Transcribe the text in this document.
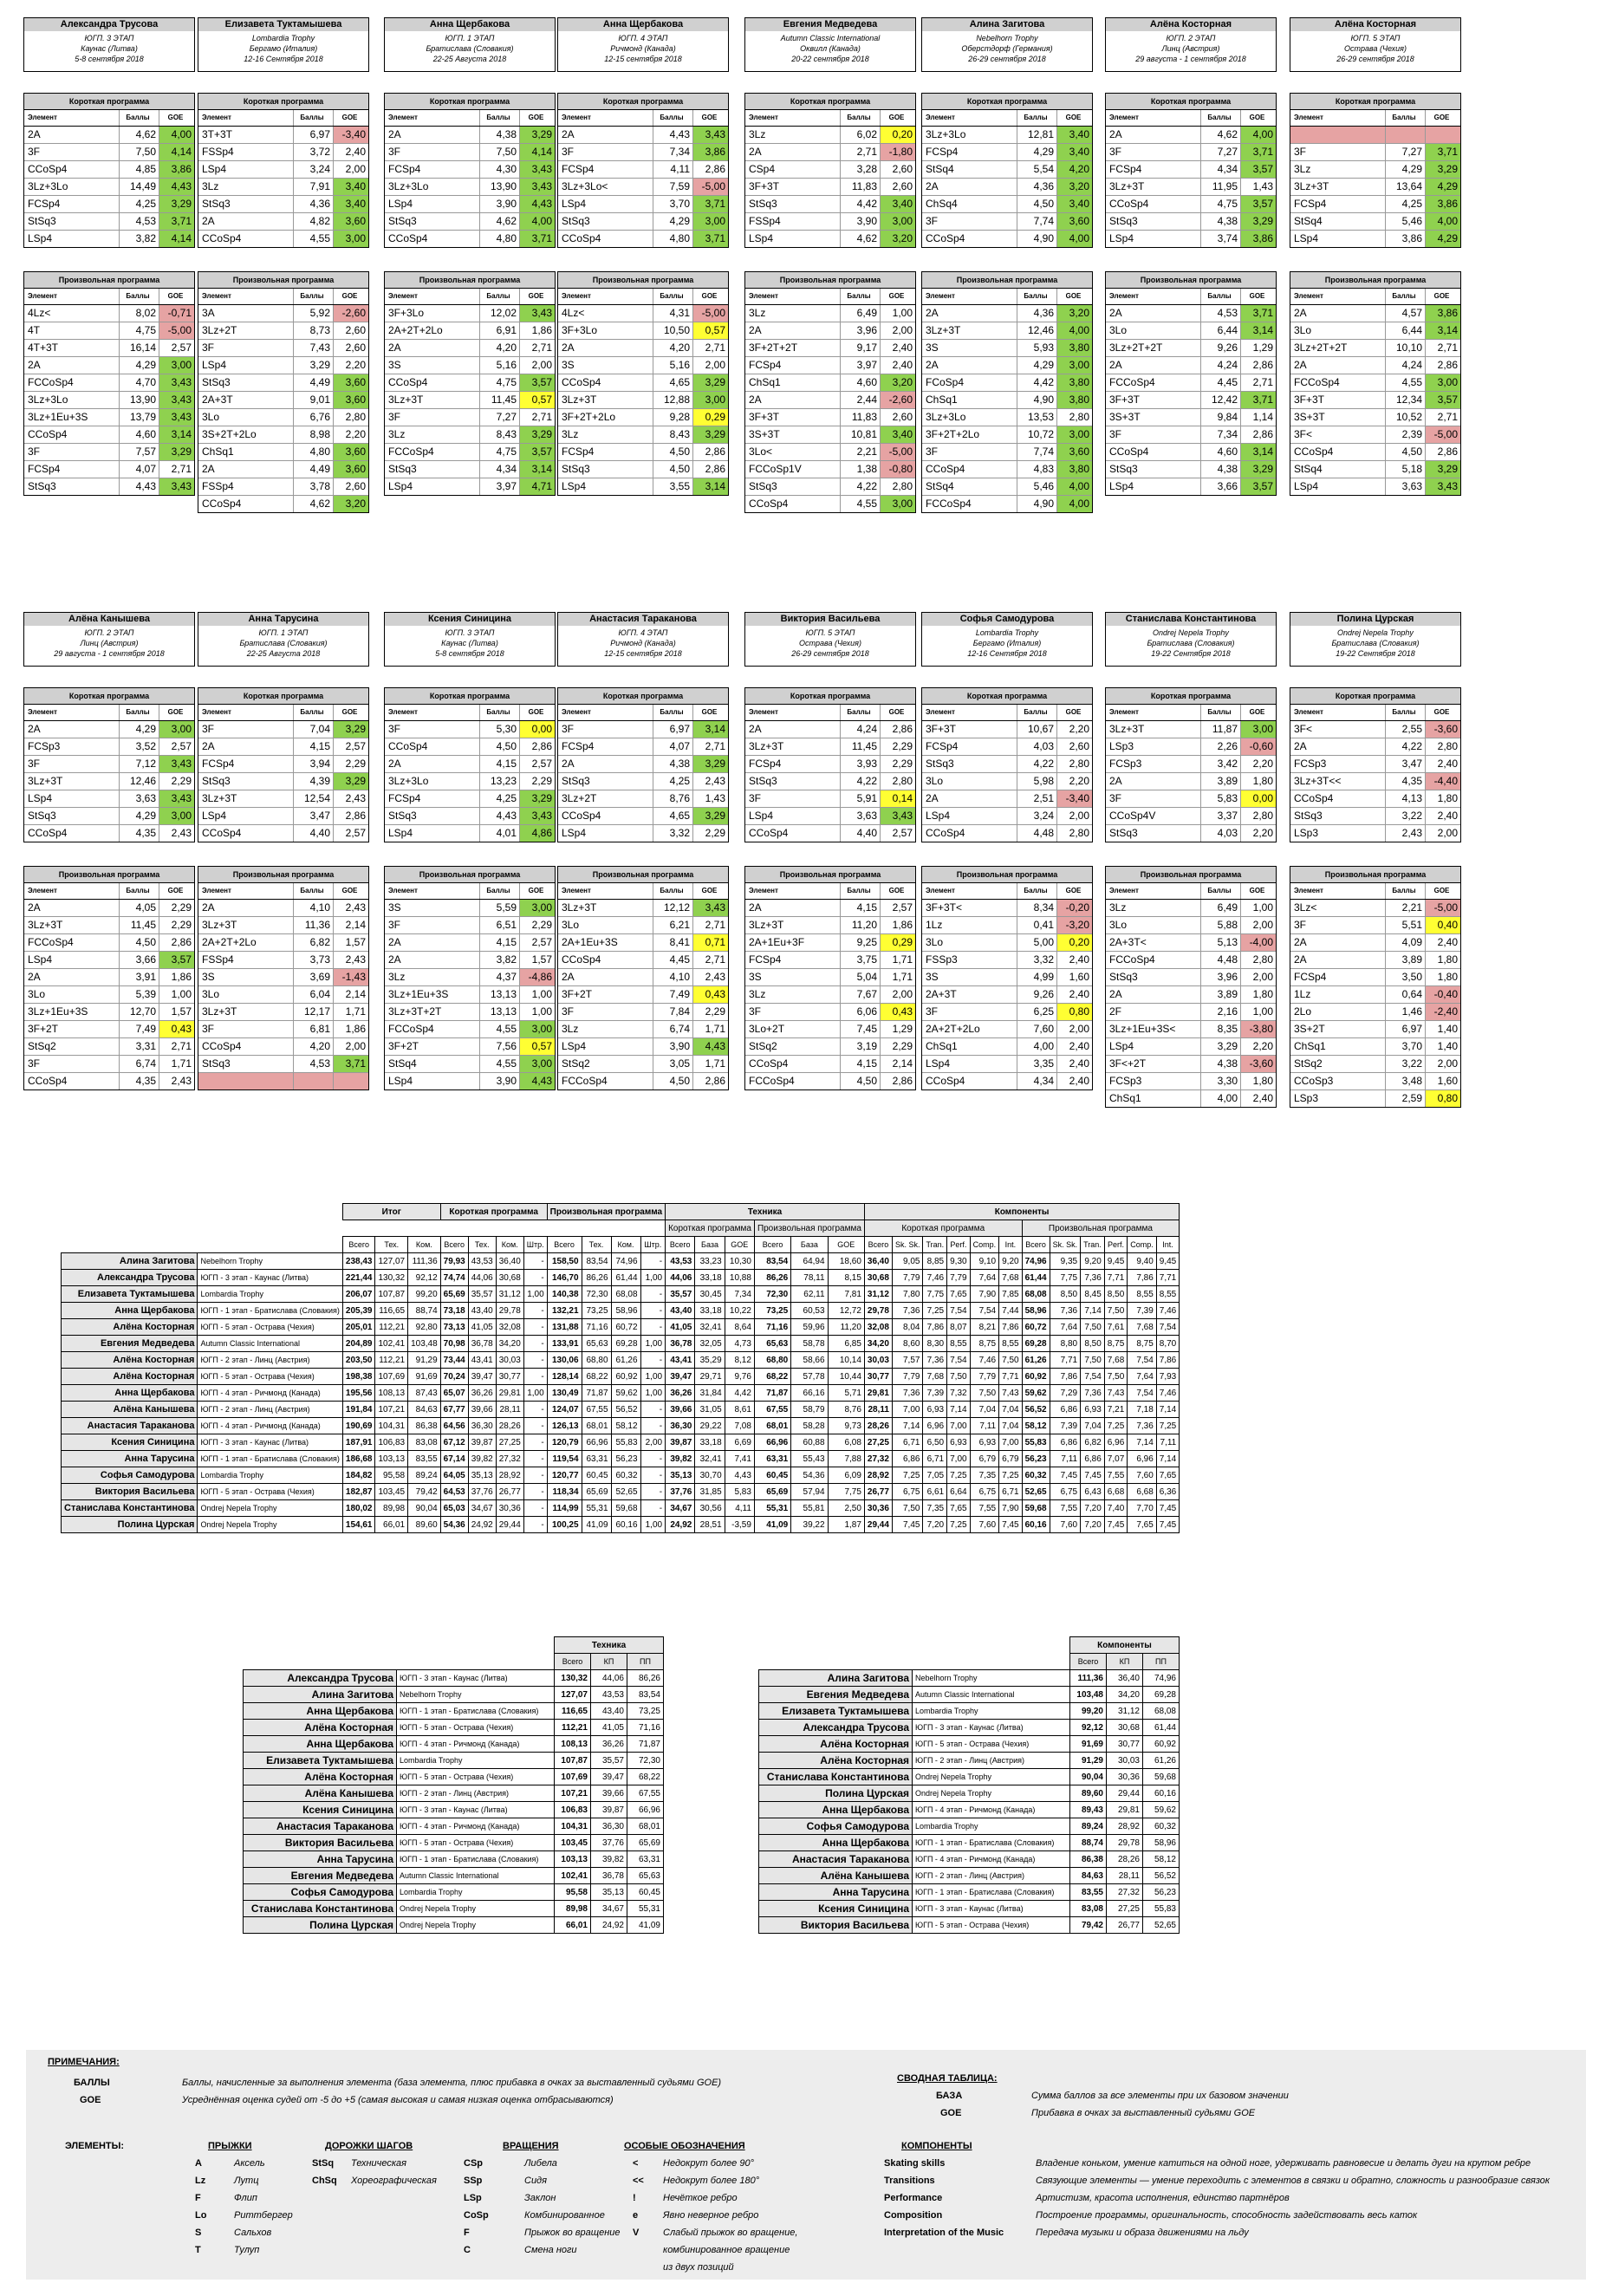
Александра Трусова
ЮГП. 3 ЭТАП
Каунас (Литва)
5-8 сентября 2018
Короткая программа
Элемент	Баллы	GOE
2A	4,62	4,00
3F	7,50	4,14
CCoSp4	4,85	3,86
3Lz+3Lo	14,49	4,43
FCSp4	4,25	3,29
StSq3	4,53	3,71
LSp4	3,82	4,14
Произвольная программа
Элемент	Баллы	GOE
4Lz<	8,02	-0,71
4T	4,75	-5,00
4T+3T	16,14	2,57
2A	4,29	3,00
FCCoSp4	4,70	3,43
3Lz+3Lo	13,90	3,43
3Lz+1Eu+3S	13,79	3,43
CCoSp4	4,60	3,14
3F	7,57	3,29
FCSp4	4,07	2,71
StSq3	4,43	3,43
Елизавета Туктамышева
Lombardia Trophy
Бергамо (Италия)
12-16 Сентября 2018
Короткая программа
Элемент	Баллы	GOE
3T+3T	6,97	-3,40
FSSp4	3,72	2,40
LSp4	3,24	2,00
3Lz	7,91	3,40
StSq3	4,36	3,40
2A	4,82	3,60
CCoSp4	4,55	3,00
Произвольная программа
Элемент	Баллы	GOE
3A	5,92	-2,60
3Lz+2T	8,73	2,60
3F	7,43	2,60
LSp4	3,29	2,20
StSq3	4,49	3,60
2A+3T	9,01	3,60
3Lo	6,76	2,80
3S+2T+2Lo	8,98	2,20
ChSq1	4,80	3,60
2A	4,49	3,60
FSSp4	3,78	2,60
CCoSp4	4,62	3,20
Анна Щербакова
ЮГП. 1 ЭТАП
Братислава (Словакия)
22-25 Августа 2018
Короткая программа
Элемент	Баллы	GOE
2A	4,38	3,29
3F	7,50	4,14
FCSp4	4,30	3,43
3Lz+3Lo	13,90	3,43
LSp4	3,90	4,43
StSq3	4,62	4,00
CCoSp4	4,80	3,71
Произвольная программа
Элемент	Баллы	GOE
3F+3Lo	12,02	3,43
2A+2T+2Lo	6,91	1,86
2A	4,20	2,71
3S	5,16	2,00
CCoSp4	4,75	3,57
3Lz+3T	11,45	0,57
3F	7,27	2,71
3Lz	8,43	3,29
FCCoSp4	4,75	3,57
StSq3	4,34	3,14
LSp4	3,97	4,71
Анна Щербакова
ЮГП. 4 ЭТАП
Ричмонд (Канада)
12-15 сентября 2018
Короткая программа
Элемент	Баллы	GOE
2A	4,43	3,43
3F	7,34	3,86
FCSp4	4,11	2,86
3Lz+3Lo<	7,59	-5,00
LSp4	3,70	3,71
StSq3	4,29	3,00
CCoSp4	4,80	3,71
Произвольная программа
Элемент	Баллы	GOE
4Lz<	4,31	-5,00
3F+3Lo	10,50	0,57
2A	4,20	2,71
3S	5,16	2,00
CCoSp4	4,65	3,29
3Lz+3T	12,88	3,00
3F+2T+2Lo	9,28	0,29
3Lz	8,43	3,29
FCSp4	4,50	2,86
StSq3	4,50	2,86
LSp4	3,55	3,14
Евгения Медведева
Autumn Classic International
Оквилл (Канада)
20-22 сентября 2018
Короткая программа
Элемент	Баллы	GOE
3Lz	6,02	0,20
2A	2,71	-1,80
CSp4	3,28	2,60
3F+3T	11,83	2,60
StSq3	4,42	3,40
FSSp4	3,90	3,00
LSp4	4,62	3,20
Произвольная программа
Элемент	Баллы	GOE
3Lz	6,49	1,00
2A	3,96	2,00
3F+2T+2T	9,17	2,40
FCSp4	3,97	2,40
ChSq1	4,60	3,20
2A	2,44	-2,60
3F+3T	11,83	2,60
3S+3T	10,81	3,40
3Lo<	2,21	-5,00
FCCoSp1V	1,38	-0,80
StSq3	4,22	2,80
CCoSp4	4,55	3,00
Алина Загитова
Nebelhorn Trophy
Оберстдорф (Германия)
26-29 сентября 2018
Короткая программа
Элемент	Баллы	GOE
3Lz+3Lo	12,81	3,40
FCSp4	4,29	3,40
StSq4	5,54	4,20
2A	4,36	3,20
ChSq4	4,50	3,40
3F	7,74	3,60
CCoSp4	4,90	4,00
Произвольная программа
Элемент	Баллы	GOE
2A	4,36	3,20
3Lz+3T	12,46	4,00
3S	5,93	3,80
2A	4,29	3,00
FCoSp4	4,42	3,80
ChSq1	4,90	3,80
3Lz+3Lo	13,53	2,80
3F+2T+2Lo	10,72	3,00
3F	7,74	3,60
CCoSp4	4,83	3,80
StSq4	5,46	4,00
FCCoSp4	4,90	4,00
Алёна Косторная
ЮГП. 2 ЭТАП
Линц (Австрия)
29 августа - 1 сентября 2018
Короткая программа
Элемент	Баллы	GOE
2A	4,62	4,00
3F	7,27	3,71
FCSp4	4,34	3,57
3Lz+3T	11,95	1,43
CCoSp4	4,75	3,57
StSq3	4,38	3,29
LSp4	3,74	3,86
Произвольная программа
Элемент	Баллы	GOE
2A	4,53	3,71
3Lo	6,44	3,14
3Lz+2T+2T	9,26	1,29
2A	4,24	2,86
FCCoSp4	4,45	2,71
3F+3T	12,42	3,71
3S+3T	9,84	1,14
3F	7,34	2,86
CCoSp4	4,60	3,14
StSq3	4,38	3,29
LSp4	3,66	3,57
Алёна Косторная
ЮГП. 5 ЭТАП
Острава (Чехия)
26-29 сентября 2018
Короткая программа
Элемент	Баллы	GOE
3F	7,27	3,71
3Lz	4,29	3,29
3Lz+3T	13,64	4,29
FCSp4	4,25	3,86
StSq4	5,46	4,00
LSp4	3,86	4,29
Произвольная программа
Элемент	Баллы	GOE
2A	4,57	3,86
3Lo	6,44	3,14
3Lz+2T+2T	10,10	2,71
2A	4,24	2,86
FCCoSp4	4,55	3,00
3F+3T	12,34	3,57
3S+3T	10,52	2,71
3F<	2,39	-5,00
CCoSp4	4,50	2,86
StSq4	5,18	3,29
LSp4	3,63	3,43
Алёна Канышева
ЮГП. 2 ЭТАП
Линц (Австрия)
29 августа - 1 сентября 2018
Короткая программа
Элемент	Баллы	GOE
2A	4,29	3,00
FCSp3	3,52	2,57
3F	7,12	3,43
3Lz+3T	12,46	2,29
LSp4	3,63	3,43
StSq3	4,29	3,00
CCoSp4	4,35	2,43
Произвольная программа
Элемент	Баллы	GOE
2A	4,05	2,29
3Lz+3T	11,45	2,29
FCCoSp4	4,50	2,86
LSp4	3,66	3,57
2A	3,91	1,86
3Lo	5,39	1,00
3Lz+1Eu+3S	12,70	1,57
3F+2T	7,49	0,43
StSq2	3,31	2,71
3F	6,74	1,71
CCoSp4	4,35	2,43
Анна Тарусина
ЮГП. 1 ЭТАП
Братислава (Словакия)
22-25 Августа 2018
Короткая программа
Элемент	Баллы	GOE
3F	7,04	3,29
2A	4,15	2,57
FCSp4	3,94	2,29
StSq3	4,39	3,29
3Lz+3T	12,54	2,43
LSp4	3,47	2,86
CCoSp4	4,40	2,57
Произвольная программа
Элемент	Баллы	GOE
2A	4,10	2,43
3Lz+3T	11,36	2,14
2A+2T+2Lo	6,82	1,57
FSSp4	3,73	2,43
3S	3,69	-1,43
3Lo	6,04	2,14
3Lz+3T	12,17	1,71
3F	6,81	1,86
CCoSp4	4,20	2,00
StSq3	4,53	3,71
Ксения Синицина
ЮГП. 3 ЭТАП
Каунас (Литва)
5-8 сентября 2018
Короткая программа
Элемент	Баллы	GOE
3F	5,30	0,00
CCoSp4	4,50	2,86
2A	4,15	2,57
3Lz+3Lo	13,23	2,29
FCSp4	4,25	3,29
StSq3	4,43	3,43
LSp4	4,01	4,86
Произвольная программа
Элемент	Баллы	GOE
3S	5,59	3,00
3F	6,51	2,29
2A	4,15	2,57
2A	3,82	1,57
3Lz	4,37	-4,86
3Lz+1Eu+3S	13,13	1,00
3Lz+3T+2T	13,13	1,00
FCCoSp4	4,55	3,00
3F+2T	7,56	0,57
StSq4	4,55	3,00
LSp4	3,90	4,43
Анастасия Тараканова
ЮГП. 4 ЭТАП
Ричмонд (Канада)
12-15 сентября 2018
Короткая программа
Элемент	Баллы	GOE
3F	6,97	3,14
FCSp4	4,07	2,71
2A	4,38	3,29
StSq3	4,25	2,43
3Lz+2T	8,76	1,43
CCoSp4	4,65	3,29
LSp4	3,32	2,29
Произвольная программа
Элемент	Баллы	GOE
3Lz+3T	12,12	3,43
3Lo	6,21	2,71
2A+1Eu+3S	8,41	0,71
CCoSp4	4,45	2,71
2A	4,10	2,43
3F+2T	7,49	0,43
3F	7,84	2,29
3Lz	6,74	1,71
LSp4	3,90	4,43
StSq2	3,05	1,71
FCCoSp4	4,50	2,86
Виктория Васильева
ЮГП. 5 ЭТАП
Острава (Чехия)
26-29 сентября 2018
Короткая программа
Элемент	Баллы	GOE
2A	4,24	2,86
3Lz+3T	11,45	2,29
FCSp4	3,93	2,29
StSq3	4,22	2,80
3F	5,91	0,14
LSp4	3,63	3,43
CCoSp4	4,40	2,57
Произвольная программа
Элемент	Баллы	GOE
2A	4,15	2,57
3Lz+3T	11,20	1,86
2A+1Eu+3F	9,25	0,29
FCSp4	3,75	1,71
3S	5,04	1,71
3Lz	7,67	2,00
3F	6,06	0,43
3Lo+2T	7,45	1,29
StSq2	3,19	2,29
CCoSp4	4,15	2,14
FCCoSp4	4,50	2,86
Софья Самодурова
Lombardia Trophy
Бергамо (Италия)
12-16 Сентября 2018
Короткая программа
Элемент	Баллы	GOE
3F+3T	10,67	2,20
FCSp4	4,03	2,60
StSq3	4,22	2,80
3Lo	5,98	2,20
2A	2,51	-3,40
LSp4	3,24	2,00
CCoSp4	4,48	2,80
Произвольная программа
Элемент	Баллы	GOE
3F+3T<	8,34	-0,20
1Lz	0,41	-3,20
3Lo	5,00	0,20
FSSp3	3,32	2,40
3S	4,99	1,60
2A+3T	9,26	2,40
3F	6,25	0,80
2A+2T+2Lo	7,60	2,00
ChSq1	4,00	2,40
LSp4	3,35	2,40
CCoSp4	4,34	2,40
Станислава Константинова
Ondrej Nepela Trophy
Братислава (Словакия)
19-22 Сентября 2018
Короткая программа
Элемент	Баллы	GOE
3Lz+3T	11,87	3,00
LSp3	2,26	-0,60
FCSp3	3,42	2,20
2A	3,89	1,80
3F	5,83	0,00
CCoSp4V	3,37	2,80
StSq3	4,03	2,20
Произвольная программа
Элемент	Баллы	GOE
3Lz	6,49	1,00
3Lo	5,88	2,00
2A+3T<	5,13	-4,00
FCCoSp4	4,48	2,80
StSq3	3,96	2,00
2A	3,89	1,80
2F	2,16	1,00
3Lz+1Eu+3S<	8,35	-3,80
LSp4	3,29	2,20
3F<+2T	4,38	-3,60
FCSp3	3,30	1,80
ChSq1	4,00	2,40
Полина Цурская
Ondrej Nepela Trophy
Братислава (Словакия)
19-22 Сентября 2018
Короткая программа
Элемент	Баллы	GOE
3F<	2,55	-3,60
2A	4,22	2,80
FCSp3	3,47	2,40
3Lz+3T<<	4,35	-4,40
CCoSp4	4,13	1,80
StSq3	3,22	2,40
LSp3	2,43	2,00
Произвольная программа
Элемент	Баллы	GOE
3Lz<	2,21	-5,00
3F	5,51	0,40
2A	4,09	2,40
2A	3,89	1,80
FCSp4	3,50	1,80
1Lz	0,64	-0,40
2Lo	1,46	-2,40
3S+2T	6,97	1,40
ChSq1	3,70	1,40
StSq2	3,22	2,00
CCoSp3	3,48	1,60
LSp3	2,59	0,80
		Итог			Короткая программа				Произвольная программа				Техника						Компоненты											
													Короткая программа			Произвольная программа			Короткая программа						Произвольная программа					
		Всего	Тех.	Ком.	Всего	Тех.	Ком.	Штр.	Всего	Тех.	Ком.	Штр.	Всего	База	GOE	Всего	База	GOE	Всего	Sk. Sk.	Tran.	Perf.	Comp.	Int.	Всего	Sk. Sk.	Tran.	Perf.	Comp.	Int.
Алина Загитова	Nebelhorn Trophy	238,43	127,07	111,36	79,93	43,53	36,40	-	158,50	83,54	74,96	-	43,53	33,23	10,30	83,54	64,94	18,60	36,40	9,05	8,85	9,30	9,10	9,20	74,96	9,35	9,20	9,45	9,40	9,45
Александра Трусова	ЮГП - 3 этап - Каунас (Литва)	221,44	130,32	92,12	74,74	44,06	30,68	-	146,70	86,26	61,44	1,00	44,06	33,18	10,88	86,26	78,11	8,15	30,68	7,79	7,46	7,79	7,64	7,68	61,44	7,75	7,36	7,71	7,86	7,71
Елизавета Туктамышева	Lombardia Trophy	206,07	107,87	99,20	65,69	35,57	31,12	1,00	140,38	72,30	68,08	-	35,57	30,45	7,34	72,30	62,11	7,81	31,12	7,80	7,75	7,65	7,90	7,85	68,08	8,50	8,45	8,50	8,55	8,55
Анна Щербакова	ЮГП - 1 этап - Братислава (Словакия)	205,39	116,65	88,74	73,18	43,40	29,78	-	132,21	73,25	58,96	-	43,40	33,18	10,22	73,25	60,53	12,72	29,78	7,36	7,25	7,54	7,54	7,44	58,96	7,36	7,14	7,50	7,39	7,46
Алёна Косторная	ЮГП - 5 этап - Острава (Чехия)	205,01	112,21	92,80	73,13	41,05	32,08	-	131,88	71,16	60,72	-	41,05	32,41	8,64	71,16	59,96	11,20	32,08	8,04	7,86	8,07	8,21	7,86	60,72	7,64	7,50	7,61	7,68	7,54
Евгения Медведева	Autumn Classic International	204,89	102,41	103,48	70,98	36,78	34,20	-	133,91	65,63	69,28	1,00	36,78	32,05	4,73	65,63	58,78	6,85	34,20	8,60	8,30	8,55	8,75	8,55	69,28	8,80	8,50	8,75	8,75	8,70
Алёна Косторная	ЮГП - 2 этап - Линц (Австрия)	203,50	112,21	91,29	73,44	43,41	30,03	-	130,06	68,80	61,26	-	43,41	35,29	8,12	68,80	58,66	10,14	30,03	7,57	7,36	7,54	7,46	7,50	61,26	7,71	7,50	7,68	7,54	7,86
Алёна Косторная	ЮГП - 5 этап - Острава (Чехия)	198,38	107,69	91,69	70,24	39,47	30,77	-	128,14	68,22	60,92	1,00	39,47	29,71	9,76	68,22	57,78	10,44	30,77	7,79	7,68	7,50	7,79	7,71	60,92	7,86	7,54	7,50	7,64	7,93
Анна Щербакова	ЮГП - 4 этап - Ричмонд (Канада)	195,56	108,13	87,43	65,07	36,26	29,81	1,00	130,49	71,87	59,62	1,00	36,26	31,84	4,42	71,87	66,16	5,71	29,81	7,36	7,39	7,32	7,50	7,43	59,62	7,29	7,36	7,43	7,54	7,46
Алёна Канышева	ЮГП - 2 этап - Линц (Австрия)	191,84	107,21	84,63	67,77	39,66	28,11	-	124,07	67,55	56,52	-	39,66	31,05	8,61	67,55	58,79	8,76	28,11	7,00	6,93	7,14	7,04	7,04	56,52	6,86	6,93	7,21	7,18	7,14
Анастасия Тараканова	ЮГП - 4 этап - Ричмонд (Канада)	190,69	104,31	86,38	64,56	36,30	28,26	-	126,13	68,01	58,12	-	36,30	29,22	7,08	68,01	58,28	9,73	28,26	7,14	6,96	7,00	7,11	7,04	58,12	7,39	7,04	7,25	7,36	7,25
Ксения Синицина	ЮГП - 3 этап - Каунас (Литва)	187,91	106,83	83,08	67,12	39,87	27,25	-	120,79	66,96	55,83	2,00	39,87	33,18	6,69	66,96	60,88	6,08	27,25	6,71	6,50	6,93	6,93	7,00	55,83	6,86	6,82	6,96	7,14	7,11
Анна Тарусина	ЮГП - 1 этап - Братислава (Словакия)	186,68	103,13	83,55	67,14	39,82	27,32	-	119,54	63,31	56,23	-	39,82	32,41	7,41	63,31	55,43	7,88	27,32	6,86	6,71	7,00	6,79	6,79	56,23	7,11	6,86	7,07	6,96	7,14
Софья Самодурова	Lombardia Trophy	184,82	95,58	89,24	64,05	35,13	28,92	-	120,77	60,45	60,32	-	35,13	30,70	4,43	60,45	54,36	6,09	28,92	7,25	7,05	7,25	7,35	7,25	60,32	7,45	7,45	7,55	7,60	7,65
Виктория Васильева	ЮГП - 5 этап - Острава (Чехия)	182,87	103,45	79,42	64,53	37,76	26,77	-	118,34	65,69	52,65	-	37,76	31,85	5,83	65,69	57,94	7,75	26,77	6,75	6,61	6,64	6,75	6,71	52,65	6,75	6,43	6,68	6,68	6,36
Станислава Константинова	Ondrej Nepela Trophy	180,02	89,98	90,04	65,03	34,67	30,36	-	114,99	55,31	59,68	-	34,67	30,56	4,11	55,31	55,81	2,50	30,36	7,50	7,35	7,65	7,55	7,90	59,68	7,55	7,20	7,40	7,70	7,45
Полина Цурская	Ondrej Nepela Trophy	154,61	66,01	89,60	54,36	24,92	29,44	-	100,25	41,09	60,16	1,00	24,92	28,51	-3,59	41,09	39,22	1,87	29,44	7,45	7,20	7,25	7,60	7,45	60,16	7,60	7,20	7,45	7,65	7,45
		Техника		
		Всего	КП	ПП
Александра Трусова	ЮГП - 3 этап - Каунас (Литва)	130,32	44,06	86,26
Алина Загитова	Nebelhorn Trophy	127,07	43,53	83,54
Анна Щербакова	ЮГП - 1 этап - Братислава (Словакия)	116,65	43,40	73,25
Алёна Косторная	ЮГП - 5 этап - Острава (Чехия)	112,21	41,05	71,16
Анна Щербакова	ЮГП - 4 этап - Ричмонд (Канада)	108,13	36,26	71,87
Елизавета Туктамышева	Lombardia Trophy	107,87	35,57	72,30
Алёна Косторная	ЮГП - 5 этап - Острава (Чехия)	107,69	39,47	68,22
Алёна Канышева	ЮГП - 2 этап - Линц (Австрия)	107,21	39,66	67,55
Ксения Синицина	ЮГП - 3 этап - Каунас (Литва)	106,83	39,87	66,96
Анастасия Тараканова	ЮГП - 4 этап - Ричмонд (Канада)	104,31	36,30	68,01
Виктория Васильева	ЮГП - 5 этап - Острава (Чехия)	103,45	37,76	65,69
Анна Тарусина	ЮГП - 1 этап - Братислава (Словакия)	103,13	39,82	63,31
Евгения Медведева	Autumn Classic International	102,41	36,78	65,63
Софья Самодурова	Lombardia Trophy	95,58	35,13	60,45
Станислава Константинова	Ondrej Nepela Trophy	89,98	34,67	55,31
Полина Цурская	Ondrej Nepela Trophy	66,01	24,92	41,09
		Компоненты		
		Всего	КП	ПП
Алина Загитова	Nebelhorn Trophy	111,36	36,40	74,96
Евгения Медведева	Autumn Classic International	103,48	34,20	69,28
Елизавета Туктамышева	Lombardia Trophy	99,20	31,12	68,08
Александра Трусова	ЮГП - 3 этап - Каунас (Литва)	92,12	30,68	61,44
Алёна Косторная	ЮГП - 5 этап - Острава (Чехия)	91,69	30,77	60,92
Алёна Косторная	ЮГП - 2 этап - Линц (Австрия)	91,29	30,03	61,26
Станислава Константинова	Ondrej Nepela Trophy	90,04	30,36	59,68
Полина Цурская	Ondrej Nepela Trophy	89,60	29,44	60,16
Анна Щербакова	ЮГП - 4 этап - Ричмонд (Канада)	89,43	29,81	59,62
Софья Самодурова	Lombardia Trophy	89,24	28,92	60,32
Анна Щербакова	ЮГП - 1 этап - Братислава (Словакия)	88,74	29,78	58,96
Анастасия Тараканова	ЮГП - 4 этап - Ричмонд (Канада)	86,38	28,26	58,12
Алёна Канышева	ЮГП - 2 этап - Линц (Австрия)	84,63	28,11	56,52
Анна Тарусина	ЮГП - 1 этап - Братислава (Словакия)	83,55	27,32	56,23
Ксения Синицина	ЮГП - 3 этап - Каунас (Литва)	83,08	27,25	55,83
Виктория Васильева	ЮГП - 5 этап - Острава (Чехия)	79,42	26,77	52,65
ПРИМЕЧАНИЯ:
БАЛЛЫ	Баллы, начисленные за выполнения элемента (база элемента, плюс прибавка в очках за выставленный судьями GOE)
GOE	Усреднённая оценка судей от -5 до +5 (самая высокая и самая низкая оценка отбрасываются)
СВОДНАЯ ТАБЛИЦА:
БАЗА	Сумма баллов за все элементы при их базовом значении
GOE	Прибавка в очках за выставленный судьями GOE
ЭЛЕМЕНТЫ:	ПРЫЖКИ	ДОРОЖКИ ШАГОВ	ВРАЩЕНИЯ	ОСОБЫЕ ОБОЗНАЧЕНИЯ	КОМПОНЕНТЫ
A	Аксель
Lz	Лутц
F	Флип
Lo	Риттбергер
S	Сальхов
T	Тулуп
StSq Техническая
ChSq Хореографическая
CSp	Либела
SSp	Сидя
LSp	Заклон
CoSp	Комбинированное
F	Прыжок во вращение
C	Смена ноги
<	Недокрут более 90°
<< Недокрут более 180°
!	Нечёткое ребро
e	Явно неверное ребро
V	Слабый прыжок во вращение,
комбинированное вращение
из двух позиций
Skating skills	Владение коньком, умение катиться на одной ноге, удерживать равновесие и делать дуги на крутом ребре
Transitions	Связующие элементы — умение переходить с элементов в связки и обратно, сложность и разнообразие связок
Performance	Артистизм, красота исполнения, единство партнёров
Composition	Построение программы, оригинальность, способность задействовать весь каток
Interpretation of the Music	Передача музыки и образа движениями на льду
